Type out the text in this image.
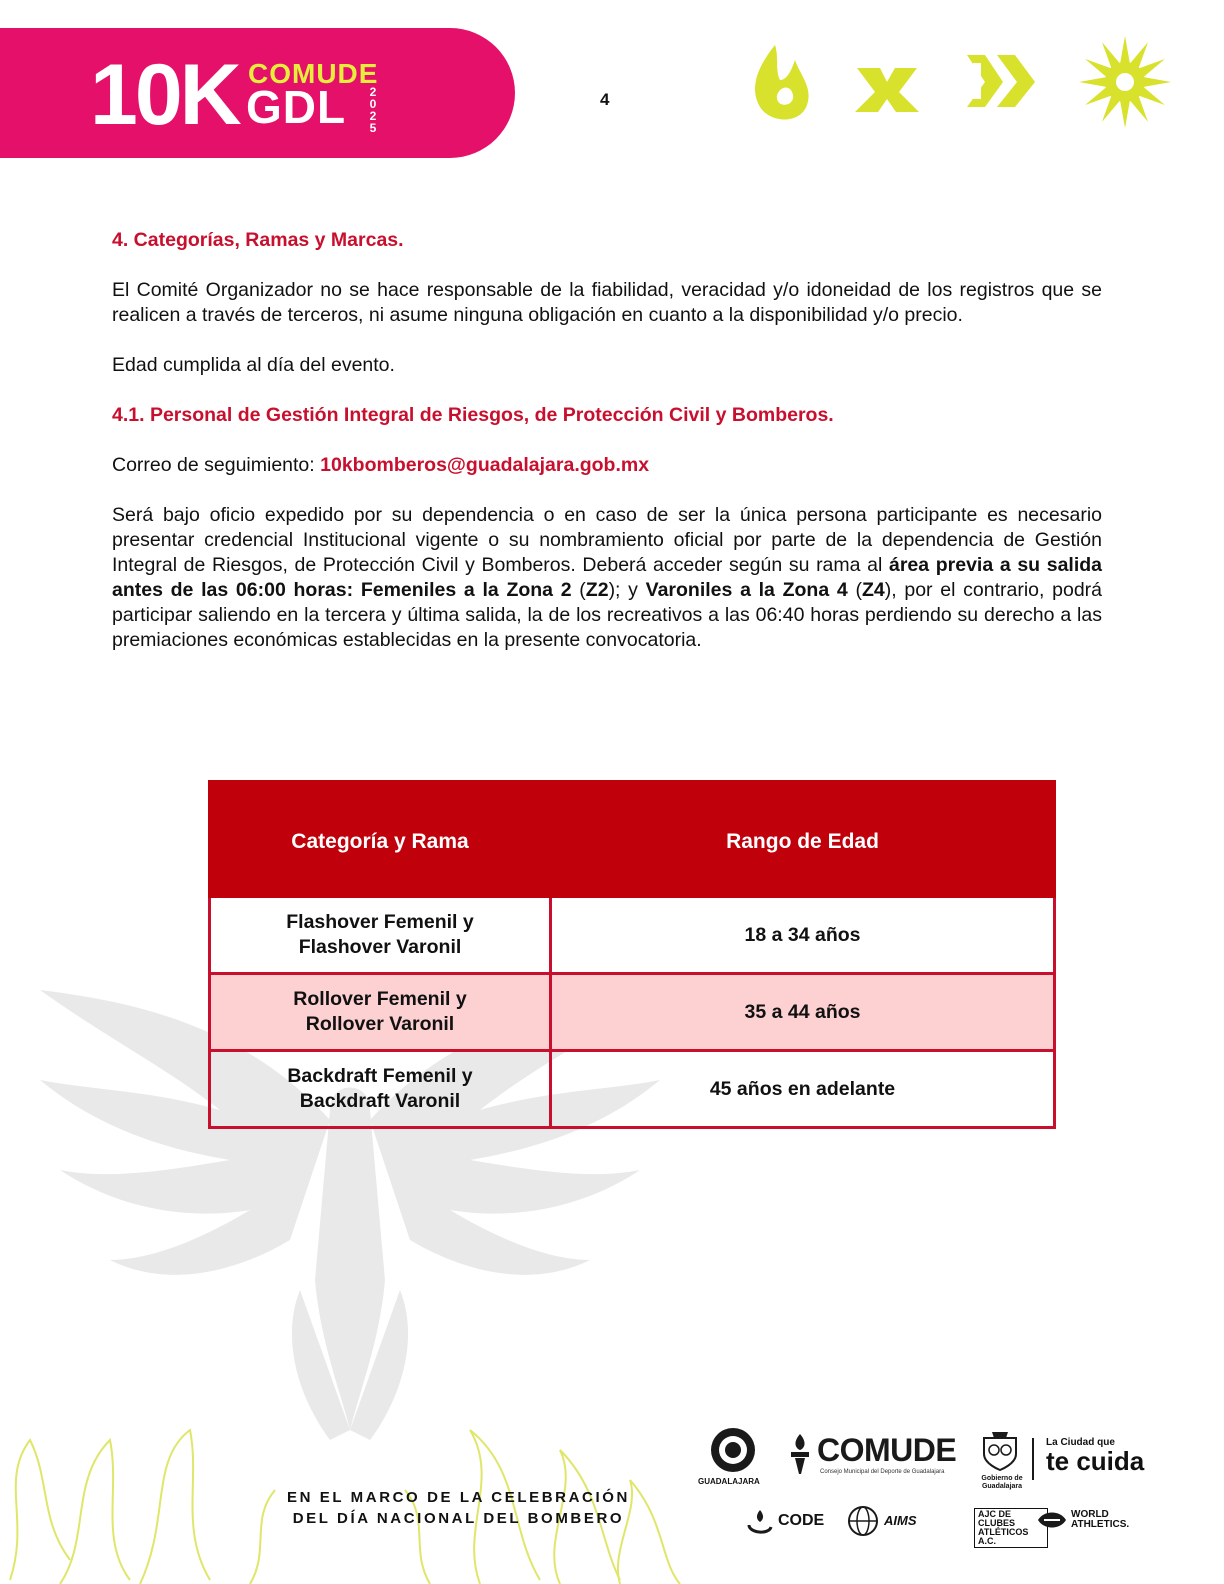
10K COMUDE
GDL	2
0
2
5
4
4. Categorías, Ramas y Marcas.

El Comité Organizador no se hace responsable de la fiabilidad, veracidad y/o idoneidad de los registros que se realicen a través de terceros, ni asume ninguna obligación en cuanto a la disponibilidad y/o precio.

Edad cumplida al día del evento.

4.1. Personal de Gestión Integral de Riesgos, de Protección Civil y Bomberos.

Correo de seguimiento: 10kbomberos@guadalajara.gob.mx

Será bajo oficio expedido por su dependencia o en caso de ser la única persona participante es necesario presentar credencial Institucional vigente o su nombramiento oficial por parte de la dependencia de Gestión Integral de Riesgos, de Protección Civil y Bomberos. Deberá acceder según su rama al área previa a su salida antes de las 06:00 horas: Femeniles a la Zona 2 (Z2); y Varoniles a la Zona 4 (Z4), por el contrario, podrá participar saliendo en la tercera y última salida, la de los recreativos a las 06:40 horas perdiendo su derecho a las premiaciones económicas establecidas en la presente convocatoria.

Categoría y Rama	Rango de Edad

Flashover Femenil y
Flashover Varonil	18 a 34 años

Rollover Femenil y
Rollover Varonil	35 a 44 años

Backdraft Femenil y
Backdraft Varonil	45 años en adelante
EN EL MARCO DE LA CELEBRACIÓN
DEL DÍA NACIONAL DEL BOMBERO
GUADALAJARA
COMUDE
Consejo Municipal del Deporte de Guadalajara
Gobierno de Guadalajara
La Ciudad que
te cuida
CODE	AIMS	AJC DE CLUBES ATLÉTICOS A.C.
WORLD
ATHLETICS.
